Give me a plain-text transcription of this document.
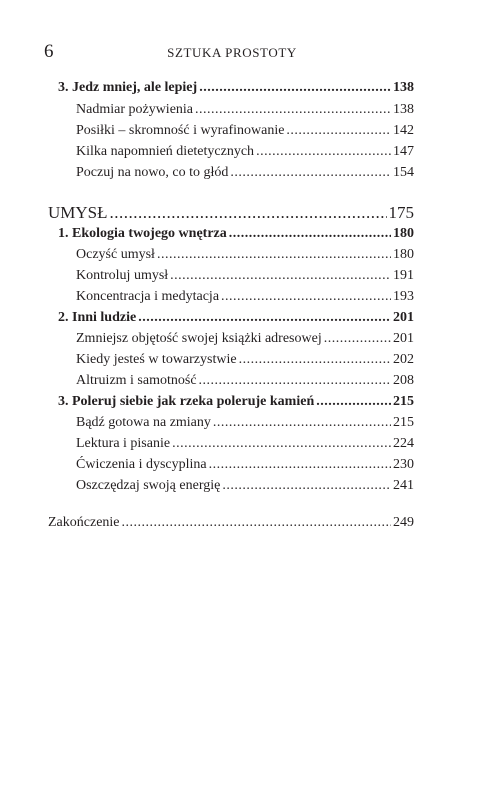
6	SZTUKA PROSTOTY
3. Jedz mniej, ale lepiej .....	138
Nadmiar pożywienia .....	138
Posiłki – skromność i wyrafinowanie .....	142
Kilka napomnień dietetycznych .....	147
Poczuj na nowo, co to głód .....	154
UMYSŁ .....	175
1. Ekologia twojego wnętrza .....	180
Oczyść umysł .....	180
Kontroluj umysł .....	191
Koncentracja i medytacja .....	193
2. Inni ludzie .....	201
Zmniejsz objętość swojej książki adresowej .....	201
Kiedy jesteś w towarzystwie .....	202
Altruizm i samotność .....	208
3. Poleruj siebie jak rzeka poleruje kamień .....	215
Bądź gotowa na zmiany .....	215
Lektura i pisanie .....	224
Ćwiczenia i dyscyplina .....	230
Oszczędzaj swoją energię .....	241
Zakończenie .....	249
